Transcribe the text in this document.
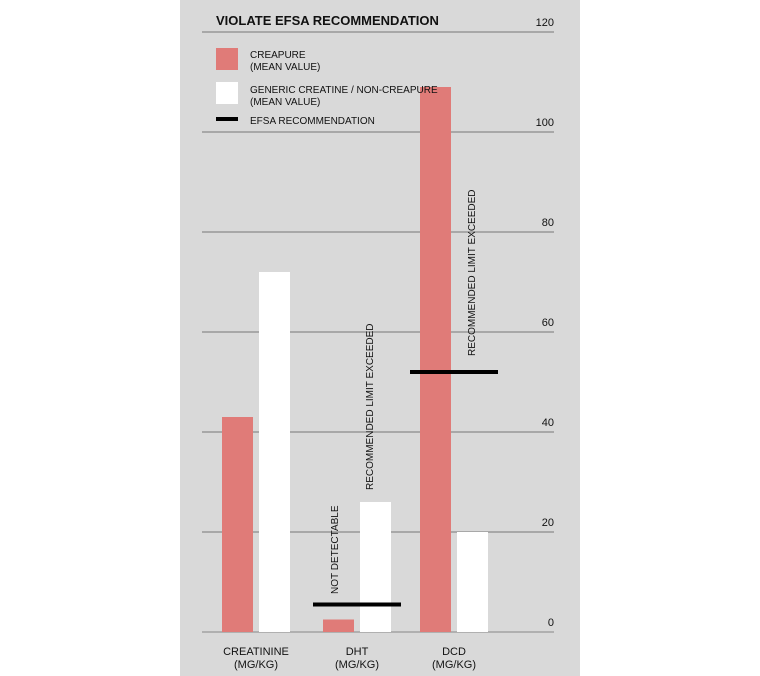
0
20
40
60
80
100
120
CREATININE (MG/KG)
DHT (MG/KG)
DCD (MG/KG)
NOT DETECTABLE
RECOMMENDED LIMIT EXCEEDED
RECOMMENDED LIMIT EXCEEDED
CREAPURE (MEAN VALUE)
GENERIC CREATINE / NON-CREAPURE (MEAN VALUE)
EFSA RECOMMENDATION
VIOLATE EFSA RECOMMENDATION
